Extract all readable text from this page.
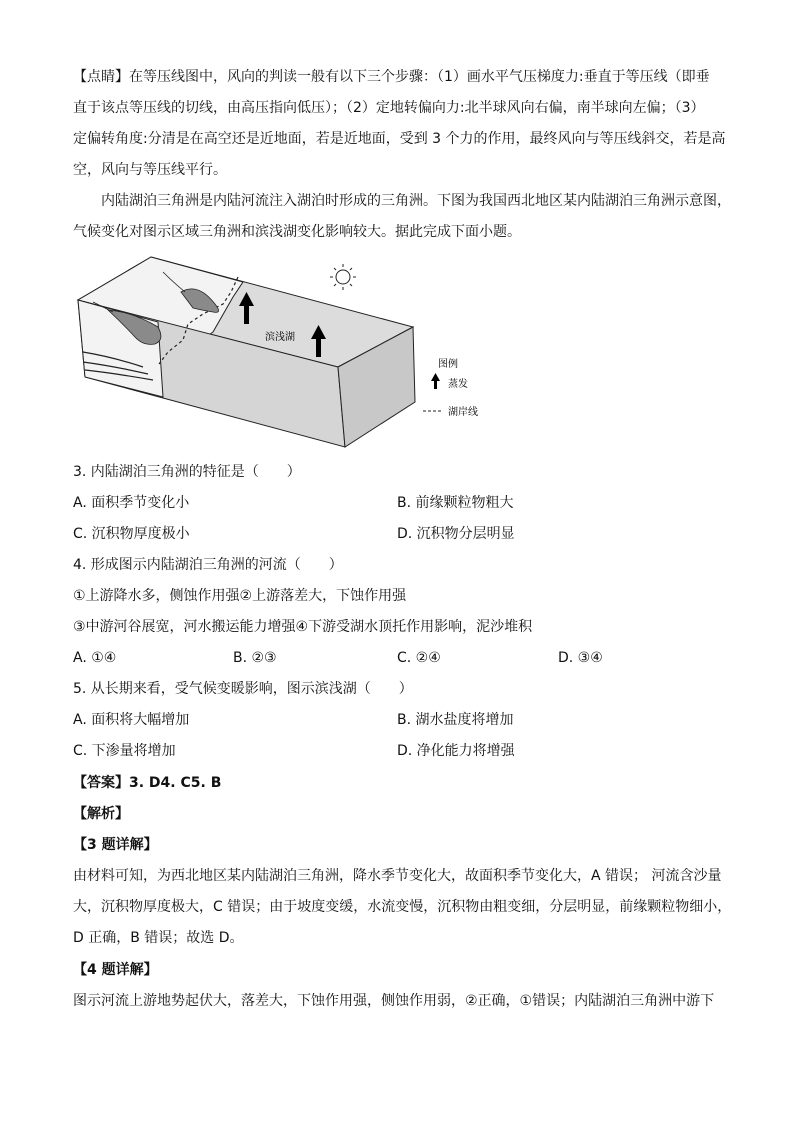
【点睛】在等压线图中，风向的判读一般有以下三个步骤：（1）画水平气压梯度力:垂直于等压线（即垂
直于该点等压线的切线，由高压指向低压）；（2）定地转偏向力:北半球风向右偏，南半球向左偏；（3）
定偏转角度:分清是在高空还是近地面，若是近地面，受到 3 个力的作用，最终风向与等压线斜交，若是高
空，风向与等压线平行。
内陆湖泊三角洲是内陆河流注入湖泊时形成的三角洲。下图为我国西北地区某内陆湖泊三角洲示意图，
气候变化对图示区域三角洲和滨浅湖变化影响较大。据此完成下面小题。
滨浅湖
图例
蒸发
湖岸线
3. 内陆湖泊三角洲的特征是（　　）
A. 面积季节变化小	B. 前缘颗粒物粗大
C. 沉积物厚度极小	D. 沉积物分层明显
4. 形成图示内陆湖泊三角洲的河流（　　）
①上游降水多，侧蚀作用强②上游落差大，下蚀作用强
③中游河谷展宽，河水搬运能力增强④下游受湖水顶托作用影响，泥沙堆积
A. ①④	B. ②③	C. ②④	D. ③④
5. 从长期来看，受气候变暖影响，图示滨浅湖（　　）
A. 面积将大幅增加	B. 湖水盐度将增加
C. 下渗量将增加	D. 净化能力将增强
【答案】3. D4. C5. B
【解析】
【3 题详解】
由材料可知，为西北地区某内陆湖泊三角洲，降水季节变化大，故面积季节变化大，A 错误； 河流含沙量
大，沉积物厚度极大，C 错误；由于坡度变缓，水流变慢，沉积物由粗变细，分层明显，前缘颗粒物细小，
D 正确，B 错误；故选 D。
【4 题详解】
图示河流上游地势起伏大，落差大，下蚀作用强，侧蚀作用弱，②正确，①错误；内陆湖泊三角洲中游下
